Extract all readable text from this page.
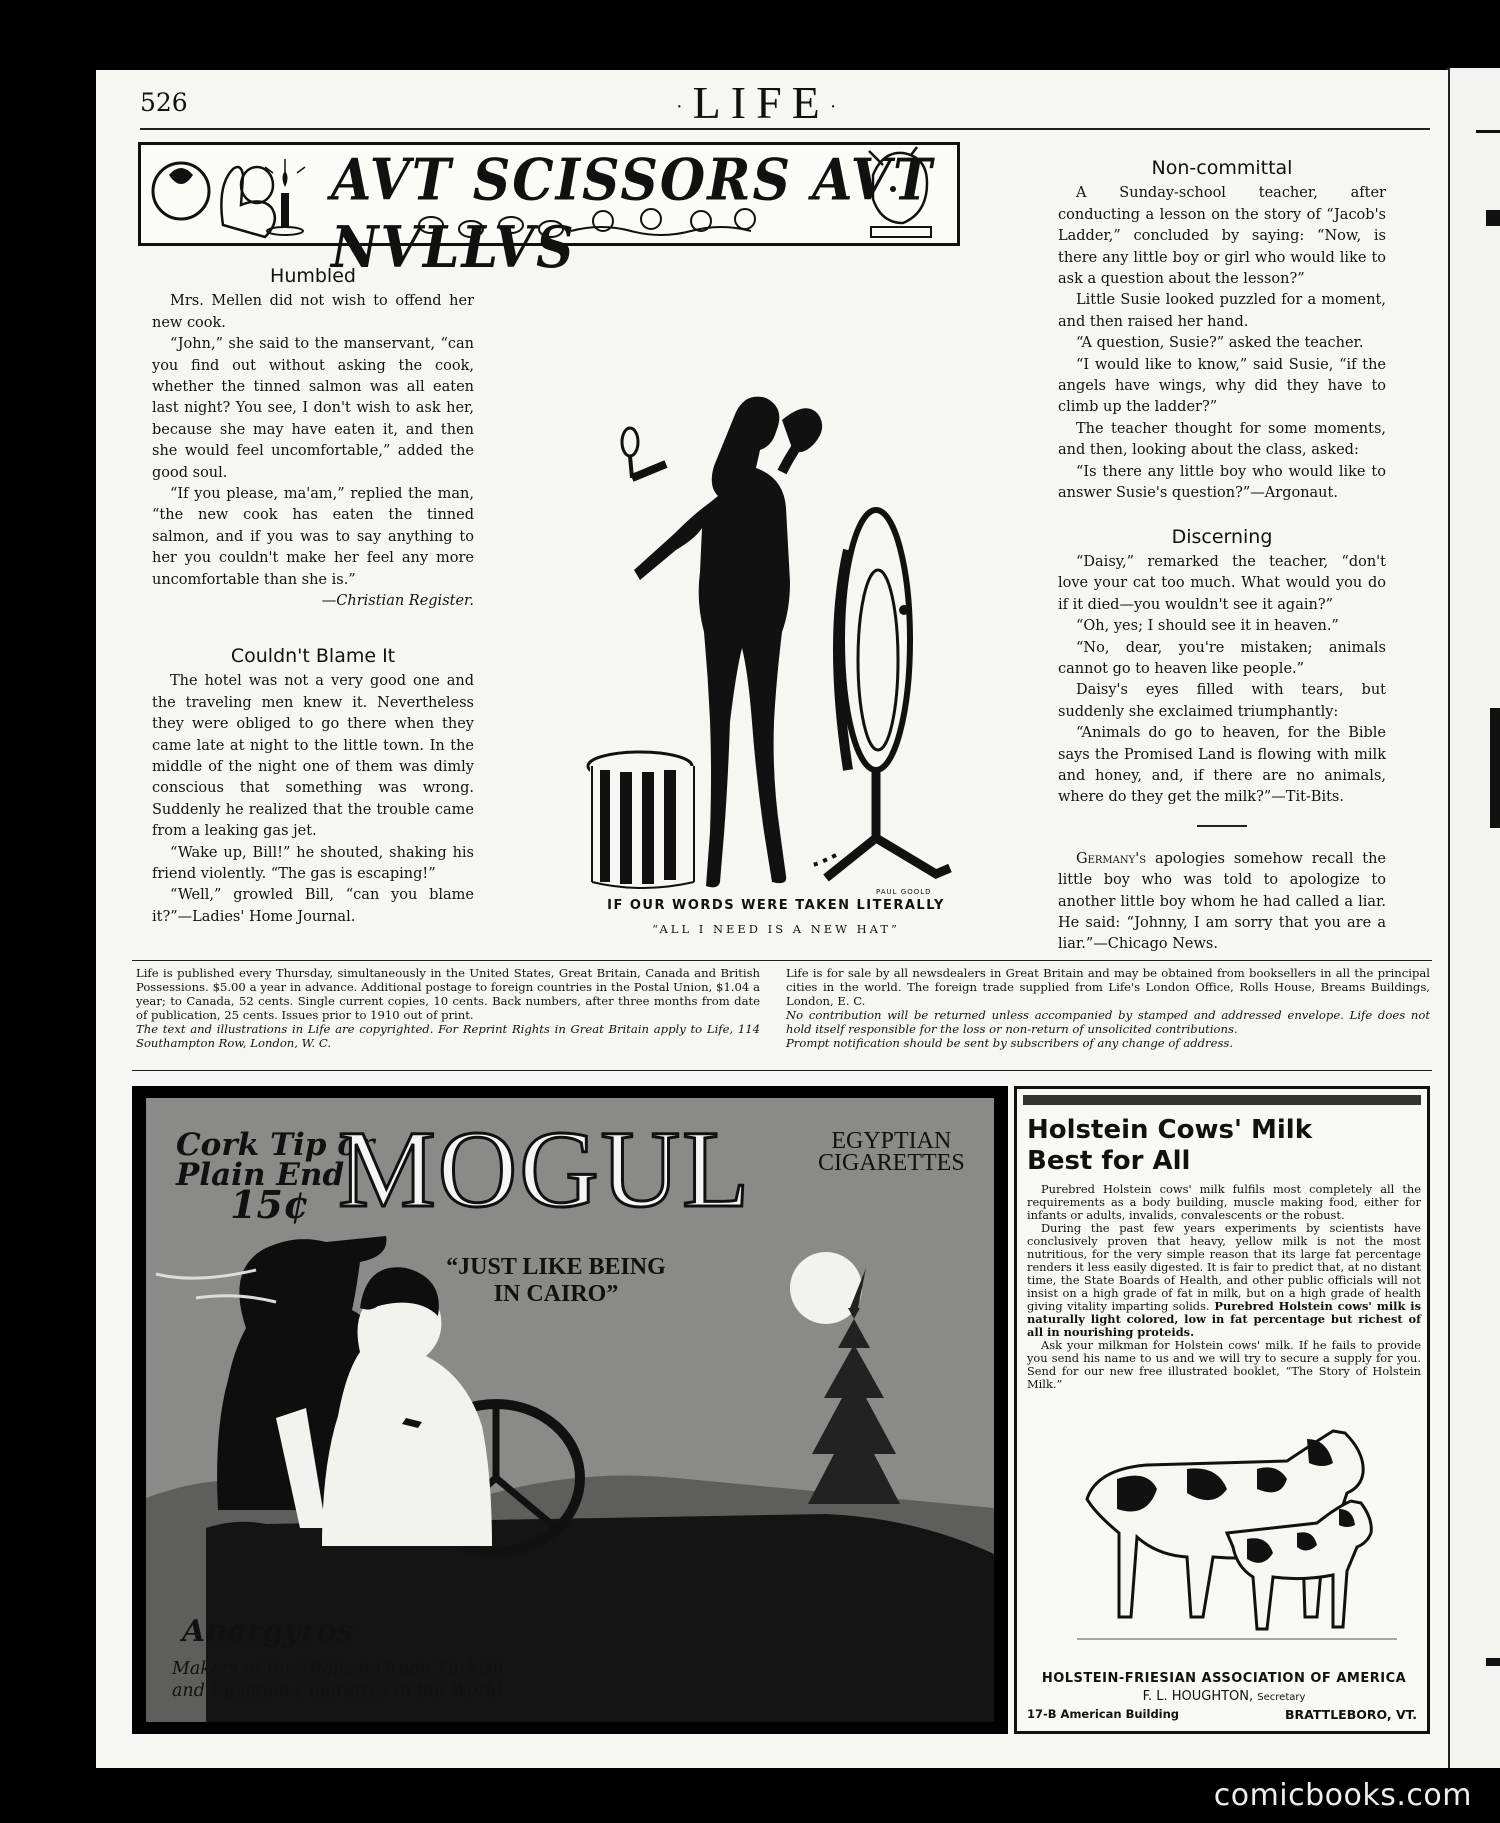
526	·LIFE·
AVT SCISSORS AVT NVLLVS
Humbled

Mrs. Mellen did not wish to offend her new cook.

“John,” she said to the manservant, “can you find out without asking the cook, whether the tinned salmon was all eaten last night? You see, I don't wish to ask her, because she may have eaten it, and then she would feel uncomfortable,” added the good soul.

“If you please, ma'am,” replied the man, “the new cook has eaten the tinned salmon, and if you was to say anything to her you couldn't make her feel any more uncomfortable than she is.”

—Christian Register.
Couldn't Blame It

The hotel was not a very good one and the traveling men knew it. Nevertheless they were obliged to go there when they came late at night to the little town. In the middle of the night one of them was dimly conscious that something was wrong. Suddenly he realized that the trouble came from a leaking gas jet.

“Wake up, Bill!” he shouted, shaking his friend violently. “The gas is escaping!”

“Well,” growled Bill, “can you blame it?”—Ladies' Home Journal.

PAUL GOOLD
IF OUR WORDS WERE TAKEN LITERALLY
“ALL I NEED IS A NEW HAT”
Non-committal

A Sunday-school teacher, after conducting a lesson on the story of “Jacob's Ladder,” concluded by saying: “Now, is there any little boy or girl who would like to ask a question about the lesson?”

Little Susie looked puzzled for a moment, and then raised her hand.

“A question, Susie?” asked the teacher.

“I would like to know,” said Susie, “if the angels have wings, why did they have to climb up the ladder?”

The teacher thought for some moments, and then, looking about the class, asked:

“Is there any little boy who would like to answer Susie's question?”—Argonaut.

Discerning

“Daisy,” remarked the teacher, “don't love your cat too much. What would you do if it died—you wouldn't see it again?”

“Oh, yes; I should see it in heaven.”

“No, dear, you're mistaken; animals cannot go to heaven like people.”

Daisy's eyes filled with tears, but suddenly she exclaimed triumphantly:

“Animals do go to heaven, for the Bible says the Promised Land is flowing with milk and honey, and, if there are no animals, where do they get the milk?”—Tit-Bits.

Germany's apologies somehow recall the little boy who was told to apologize to another little boy whom he had called a liar. He said: “Johnny, I am sorry that you are a liar.”—Chicago News.

Life is published every Thursday, simultaneously in the United States, Great Britain, Canada and British Possessions. $5.00 a year in advance. Additional postage to foreign countries in the Postal Union, $1.04 a year; to Canada, 52 cents. Single current copies, 10 cents. Back numbers, after three months from date of publication, 25 cents. Issues prior to 1910 out of print.
The text and illustrations in Life are copyrighted. For Reprint Rights in Great Britain apply to Life, 114 Southampton Row, London, W. C.
Life is for sale by all newsdealers in Great Britain and may be obtained from booksellers in all the principal cities in the world. The foreign trade supplied from Life's London Office, Rolls House, Breams Buildings, London, E. C.
No contribution will be returned unless accompanied by stamped and addressed envelope. Life does not hold itself responsible for the loss or non-return of unsolicited contributions.
Prompt notification should be sent by subscribers of any change of address.
Cork Tip or
Plain End
15¢ MOGUL	EGYPTIAN
CIGARETTES
“JUST LIKE BEING IN CAIRO”
Anargyros
Makers of the Highest Grade Turkish
and Egyptian Cigarettes in the World
Holstein Cows' Milk
Best for All

Purebred Holstein cows' milk fulfils most completely all the requirements as a body building, muscle making food, either for infants or adults, invalids, convalescents or the robust.

During the past few years experiments by scientists have conclusively proven that heavy, yellow milk is not the most nutritious, for the very simple reason that its large fat percentage renders it less easily digested. It is fair to predict that, at no distant time, the State Boards of Health, and other public officials will not insist on a high grade of fat in milk, but on a high grade of health giving vitality imparting solids. Purebred Holstein cows' milk is naturally light colored, low in fat percentage but richest of all in nourishing proteids.

Ask your milkman for Holstein cows' milk. If he fails to provide you send his name to us and we will try to secure a supply for you. Send for our new free illustrated booklet, “The Story of Holstein Milk.”

HOLSTEIN-FRIESIAN ASSOCIATION OF AMERICA
F. L. HOUGHTON, Secretary
17-B American Building	BRATTLEBORO, VT.
comicbooks.com
